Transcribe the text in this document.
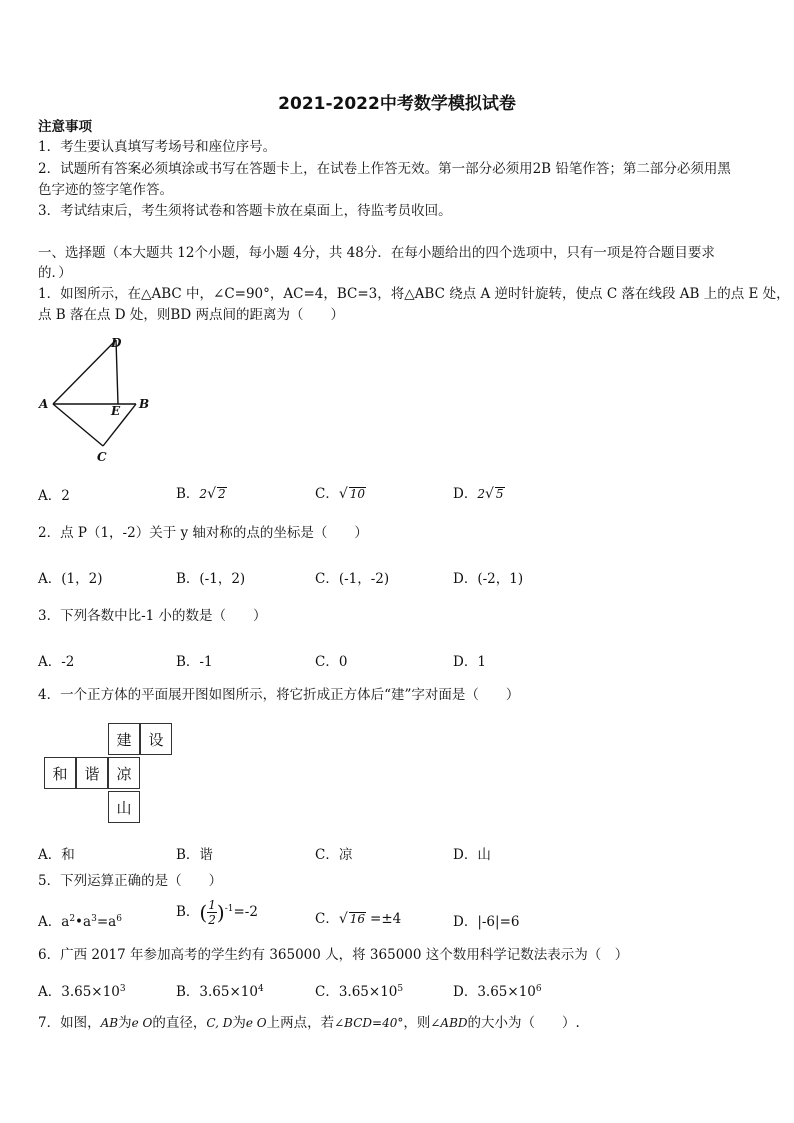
2021-2022中考数学模拟试卷
注意事项
1．考生要认真填写考场号和座位序号。
2．试题所有答案必须填涂或书写在答题卡上，在试卷上作答无效。第一部分必须用2B 铅笔作答；第二部分必须用黑
色字迹的签字笔作答。
3．考试结束后，考生须将试卷和答题卡放在桌面上，待监考员收回。
一、选择题（本大题共 12个小题，每小题 4分，共 48分．在每小题给出的四个选项中，只有一项是符合题目要求
的．）
1．如图所示，在△ABC 中，∠C=90°，AC=4，BC=3，将△ABC 绕点 A 逆时针旋转，使点 C 落在线段 AB 上的点 E 处，
点 B 落在点 D 处，则BD 两点间的距离为（　　）
D
A	E B
C
A．2	B．2√ 2	C．√ 10	D．2√ 5
2．点 P（1，-2）关于 y 轴对称的点的坐标是（　　）
A．(1，2)	B．(-1，2)	C．(-1，-2)	D．(-2，1)
3．下列各数中比-1 小的数是（　　）
A．-2	B．-1	C．0	D．1
4．一个正方体的平面展开图如图所示，将它折成正方体后“建”字对面是（　　）
建	设
和	谐	凉
山
A．和	B．谐	C．凉	D．山
5．下列运算正确的是（　　）
A．$a^2•a^3=a^6$	B．( $\frac{1}{2} )^{-1}=-2$	C．√ 16 =±4	D．|-6|=6
6．广西 2017 年参加高考的学生约有 365000 人，将 365000 这个数用科学记数法表示为（　）
A．$3.65\times 10^3$	B．$3.65\times 10^4$	C．$3.65\times 10^5$	D．$3.65\times 10^6$
7．如图，AB为e O的直径，C, D为e O上两点，若∠BCD=40°，则∠ABD的大小为（　　）.
